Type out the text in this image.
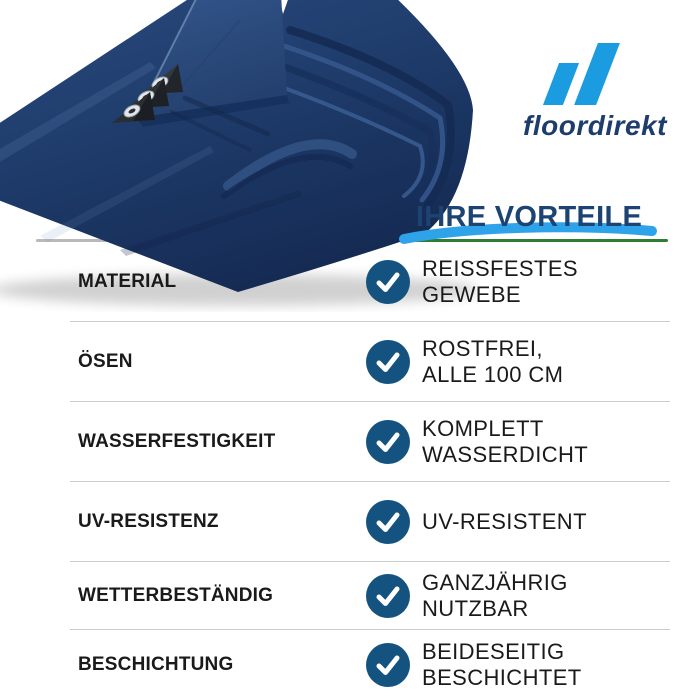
floordirekt
IHRE VORTEILE
MATERIAL
REISSFESTES
GEWEBE
ÖSEN
ROSTFREI,
ALLE 100 CM
WASSERFESTIGKEIT
KOMPLETT
WASSERDICHT
UV-RESISTENZ	UV-RESISTENT
WETTERBESTÄNDIG
GANZJÄHRIG
NUTZBAR
BESCHICHTUNG
BEIDESEITIG
BESCHICHTET
